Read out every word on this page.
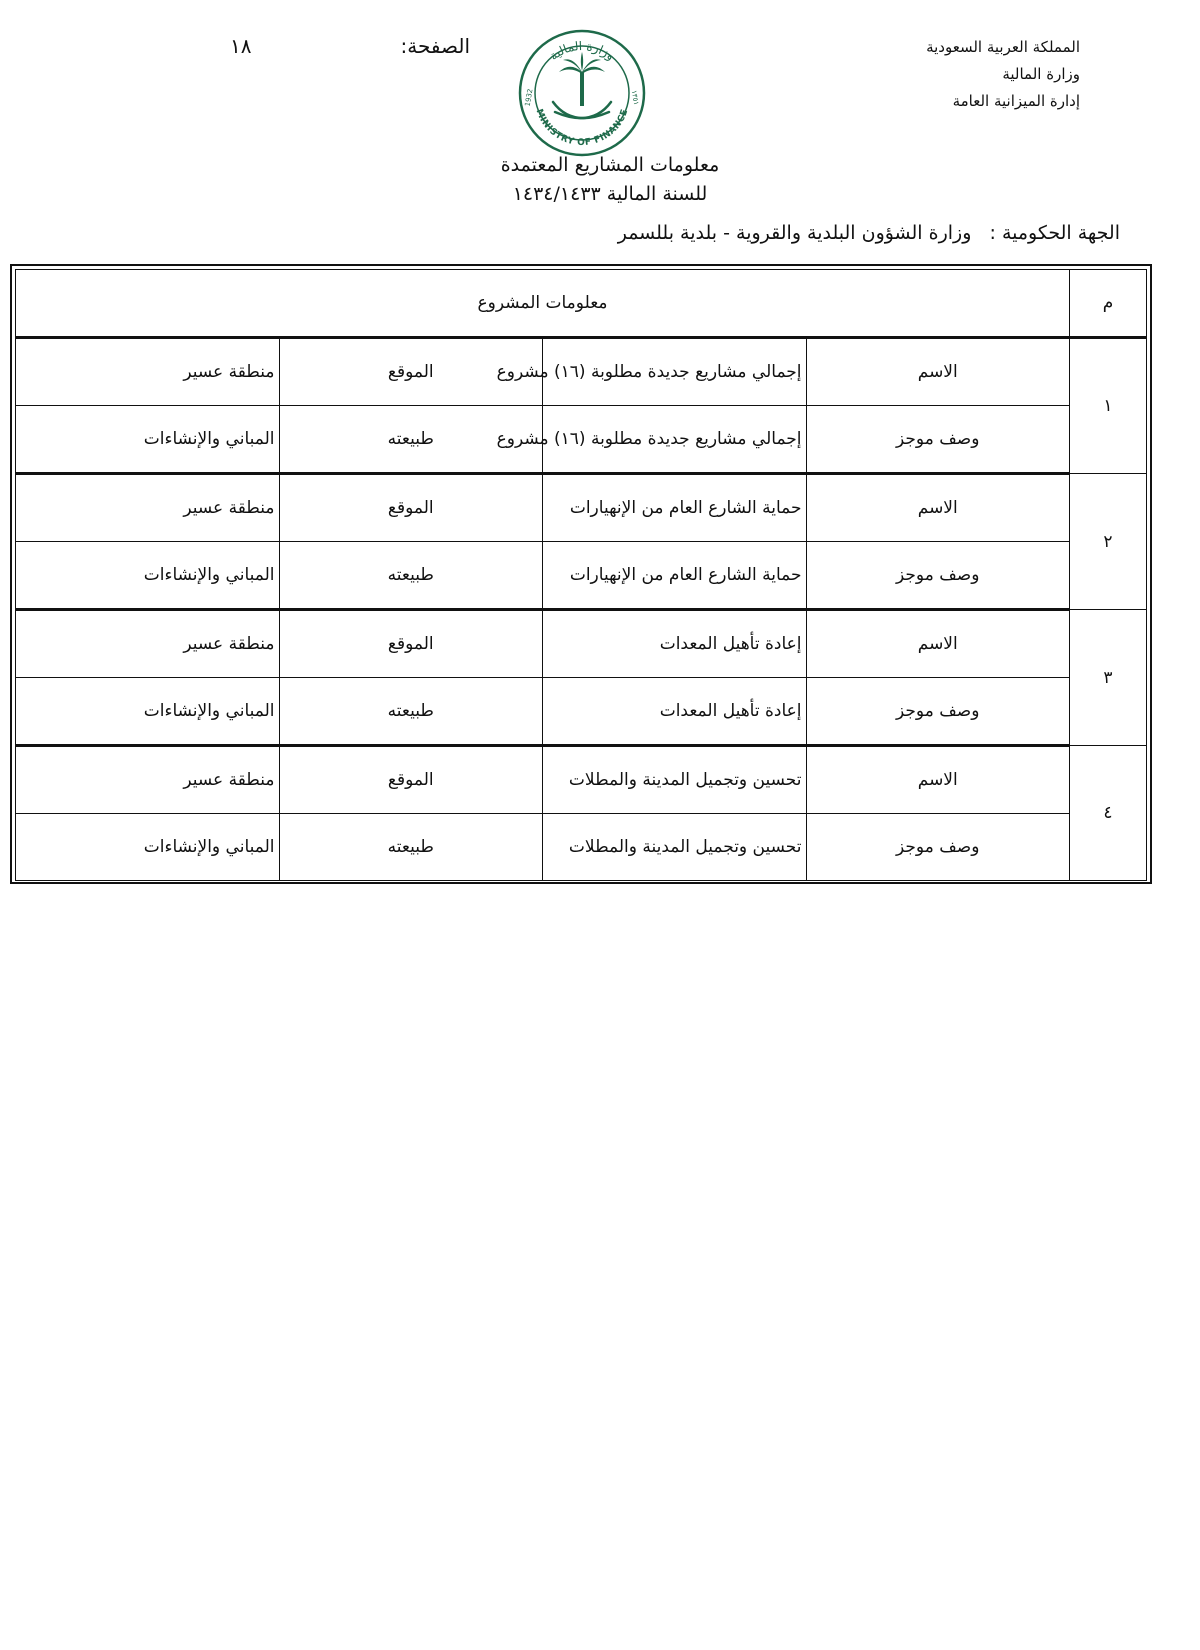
المملكة العربية السعودية
وزارة المالية
إدارة الميزانية العامة
الصفحة:
١٨	وزارة المالية
MINISTRY OF FINANCE
1932	١٣٥١
معلومات المشاريع المعتمدة
للسنة المالية ١٤٣٤/١٤٣٣
الجهة الحكومية :   وزارة الشؤون البلدية والقروية - بلدية بللسمر
م	معلومات المشروع			
١	الاسم	إجمالي مشاريع جديدة مطلوبة (١٦) مشروع	الموقع	منطقة عسير
	وصف موجز	إجمالي مشاريع جديدة مطلوبة (١٦) مشروع	طبيعته	المباني والإنشاءات
٢	الاسم	حماية الشارع العام من الإنهيارات	الموقع	منطقة عسير
	وصف موجز	حماية الشارع العام من الإنهيارات	طبيعته	المباني والإنشاءات
٣	الاسم	إعادة تأهيل المعدات	الموقع	منطقة عسير
	وصف موجز	إعادة تأهيل المعدات	طبيعته	المباني والإنشاءات
٤	الاسم	تحسين وتجميل المدينة والمطلات	الموقع	منطقة عسير
	وصف موجز	تحسين وتجميل المدينة والمطلات	طبيعته	المباني والإنشاءات
